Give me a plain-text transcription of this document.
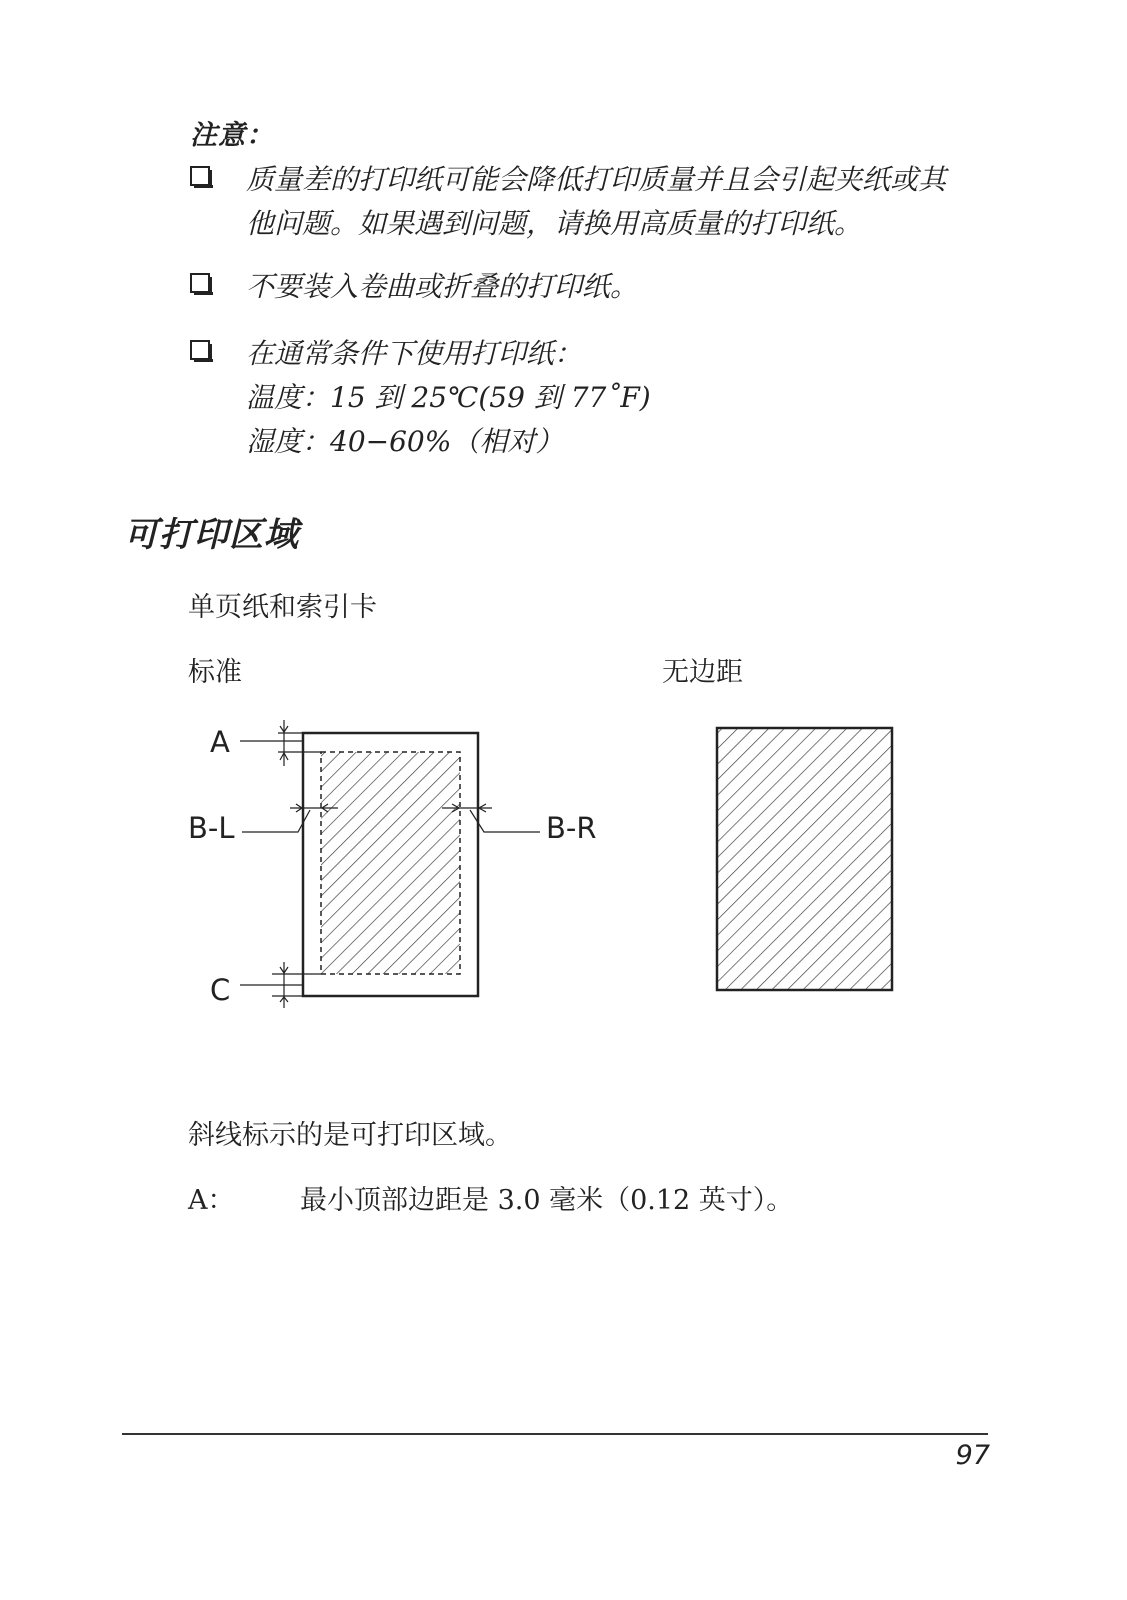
注意：
质量差的打印纸可能会降低打印质量并且会引起夹纸或其
他问题。如果遇到问题，请换用高质量的打印纸。
不要装入卷曲或折叠的打印纸。
在通常条件下使用打印纸：
温度：15 到 25℃(59 到 77˚F)
湿度：40−60%（相对）
可打印区域
单页纸和索引卡
标准	无边距
A
B-L	B-R
C
斜线标示的是可打印区域。
A： 最小顶部边距是 3.0 毫米（0.12 英寸）。
97
